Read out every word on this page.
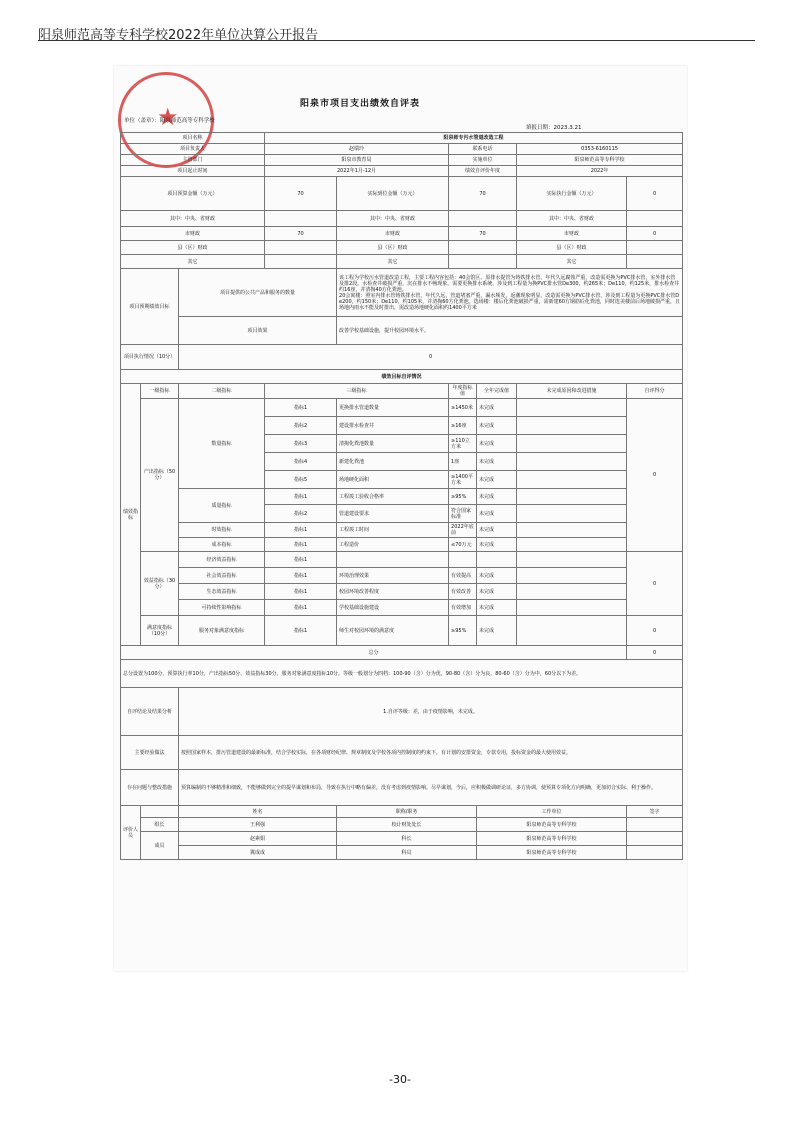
阳泉师范高等专科学校2022年单位决算公开报告
★	阳泉市项目支出绩效自评表
单位（盖章）：阳泉师范高等专科学校
填报日期：2023.3.21
项目名称			阳泉师专污水管道改造工程					
项目负责人			赵瑞玲		联系电话		0353-6160115	
主管部门			阳泉市教育局		实施单位		阳泉师范高等专科学校	
项目起止时间			2022年1月-12月		绩效自评价年度		2022年	
项目预算金额（万元）			70	实际到位金额（万元）	70		实际执行金额（万元）	0
其中：中央、省财政				其中：中央、省财政			其中：中央、省财政	
市财政			70	市财政	70		市财政	0
县（区）财政				县（区）财政			县（区）财政	
其它				其它			其它	
项目预期绩效目标		项目提供的公共产品和服务的数量		该工程为学校污水管道改造工程，主要工程内容包括：40会馆区、原排水提管为铸铁排水管，年代久远腐蚀严重，改造需更换为PVC排水管，室外排水管及排2段。水检查井破损严重，沉在排水不畅现象，需要更换排水系统，涉及到工程量为换PVC排水管De300，约265米；De110，约125米，排水检查井约16座，并清掏40方化粪池。
20会寓楼：照室内排水管铸铁排水管，年代久远，管道堵塞严重，漏水频发，返潮现象明显，改造需更换为PVC排水管，涉及到工程量为更换PVC排水管De200，约150米；De110，约105米，并清掏60方化粪池。选场楼：楼后化粪池破损严重，需新建60方钢筋砼化粪池，同时选美楼前后场地破损严重，且场地内雨水不能及时排出，需改造场地硬化面积约1400平方米				

		项目效果		改善学校基础设施，提升校园环境水平。				
项目执行情况（10分）		0						
绩效目标自评情况								
绩效指标	一级指标	二级指标	三级指标		年度指标值	全年完成值	未完成原因和改进措施	自评得分
	产出指标（50分）	数量指标	指标1	更换排水管道数量	≥1450米	未完成		0
			指标2	建设排水检查井	≥16座	未完成		
			指标3	清掏化粪池数量	≥110立方米	未完成		
			指标4	新建化粪池	1座	未完成		
			指标5	场地硬化面积	≥1400平方米	未完成		
		质量指标	指标1	工程竣工验收合格率	≥95%	未完成		
			指标2	管道建设要求	符合国家标准	未完成		
		时效指标	指标1	工程竣工时间	2022年底前	未完成		
		成本指标	指标1	工程造价	≤70万元	未完成		
	效益指标（30分）	经济效益指标	指标1					0
		社会效益指标	指标1	环境治理效果	有效提高	未完成		
		生态效益指标	指标1	校园环境改善程度	有效改善	未完成		
		可持续性影响指标	指标1	学校基础设施建设	有效增加	未完成		
	满意度指标（10分）	服务对象满意度指标	指标1	师生对校园环境的满意度	≥95%	未完成		0
总分								0
总分设置为100分，预算执行率10分，产出指标50分，效益指标30分，服务对象满意度指标10分。等级一般划分为四档：100-90（含）分为优，90-80（含）分为良，80-60（含）分为中，60分以下为差。								
自评结论及结果分析		1.自评等级：差，由于疫情影响，未完成。						
主要经验做法		按照国家样本，排污管道建设的最新标准，结合学校实际，在各项财经纪律、规章制度及学校各项内控制度的约束下，有计划的安排资金，专款专用，投标资金的最大使用效益。						
存在问题与整改措施		预算编制的不够精准和细致，不能够做到完全的提早谋划和布局，导致在执行中略有偏差，没有考虑到疫情影响。尽早谋划，今后，应积极做调研论证，多方协调，使预算专项化方向明确，更加切合实际、利于操作。						
评价人员		姓名		职称/职务		工作单位		签字
	组长	王利强		校计财处处长		阳泉师范高等专科学校		
	成员	赵素娟		科长		阳泉师范高等专科学校		
		冀成成		科员		阳泉师范高等专科学校		
-30-
